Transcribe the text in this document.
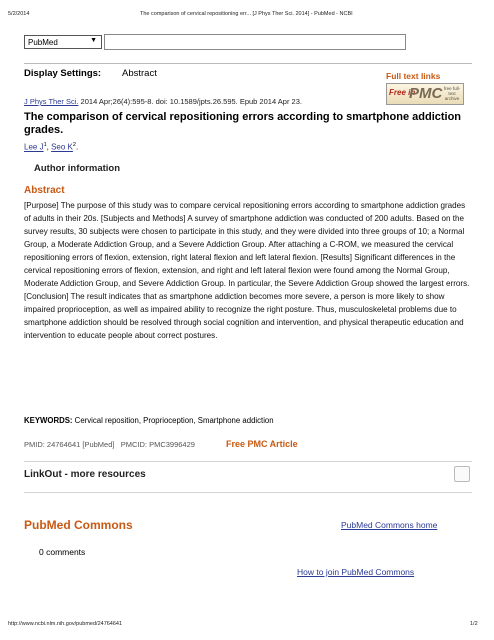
5/2/2014	The comparison of cervical repositioning err... [J Phys Ther Sci. 2014] - PubMed - NCBI
PubMed	▼
Display Settings: Abstract	Full text links
Free in
PMC free full-text archive
J Phys Ther Sci. 2014 Apr;26(4):595-8. doi: 10.1589/jpts.26.595. Epub 2014 Apr 23.
The comparison of cervical repositioning errors according to smartphone addiction grades.
Lee $J^1$, Seo $K^2$.
Author information
Abstract
[Purpose] The purpose of this study was to compare cervical repositioning errors according to smartphone addiction grades of adults in their 20s. [Subjects and Methods] A survey of smartphone addiction was conducted of 200 adults. Based on the survey results, 30 subjects were chosen to participate in this study, and they were divided into three groups of 10; a Normal Group, a Moderate Addiction Group, and a Severe Addiction Group. After attaching a C-ROM, we measured the cervical repositioning errors of flexion, extension, right lateral flexion and left lateral flexion. [Results] Significant differences in the cervical repositioning errors of flexion, extension, and right and left lateral flexion were found among the Normal Group, Moderate Addiction Group, and Severe Addiction Group. In particular, the Severe Addiction Group showed the largest errors. [Conclusion] The result indicates that as smartphone addiction becomes more severe, a person is more likely to show impaired proprioception, as well as impaired ability to recognize the right posture. Thus, musculoskeletal problems due to smartphone addiction should be resolved through social cognition and intervention, and physical therapeutic education and intervention to educate people about correct postures.
KEYWORDS: Cervical reposition, Proprioception, Smartphone addiction
PMID: 24764641 [PubMed] PMCID: PMC3996429	Free PMC Article
LinkOut - more resources
PubMed Commons	PubMed Commons home
0 comments
How to join PubMed Commons
http://www.ncbi.nlm.nih.gov/pubmed/24764641	1/2
